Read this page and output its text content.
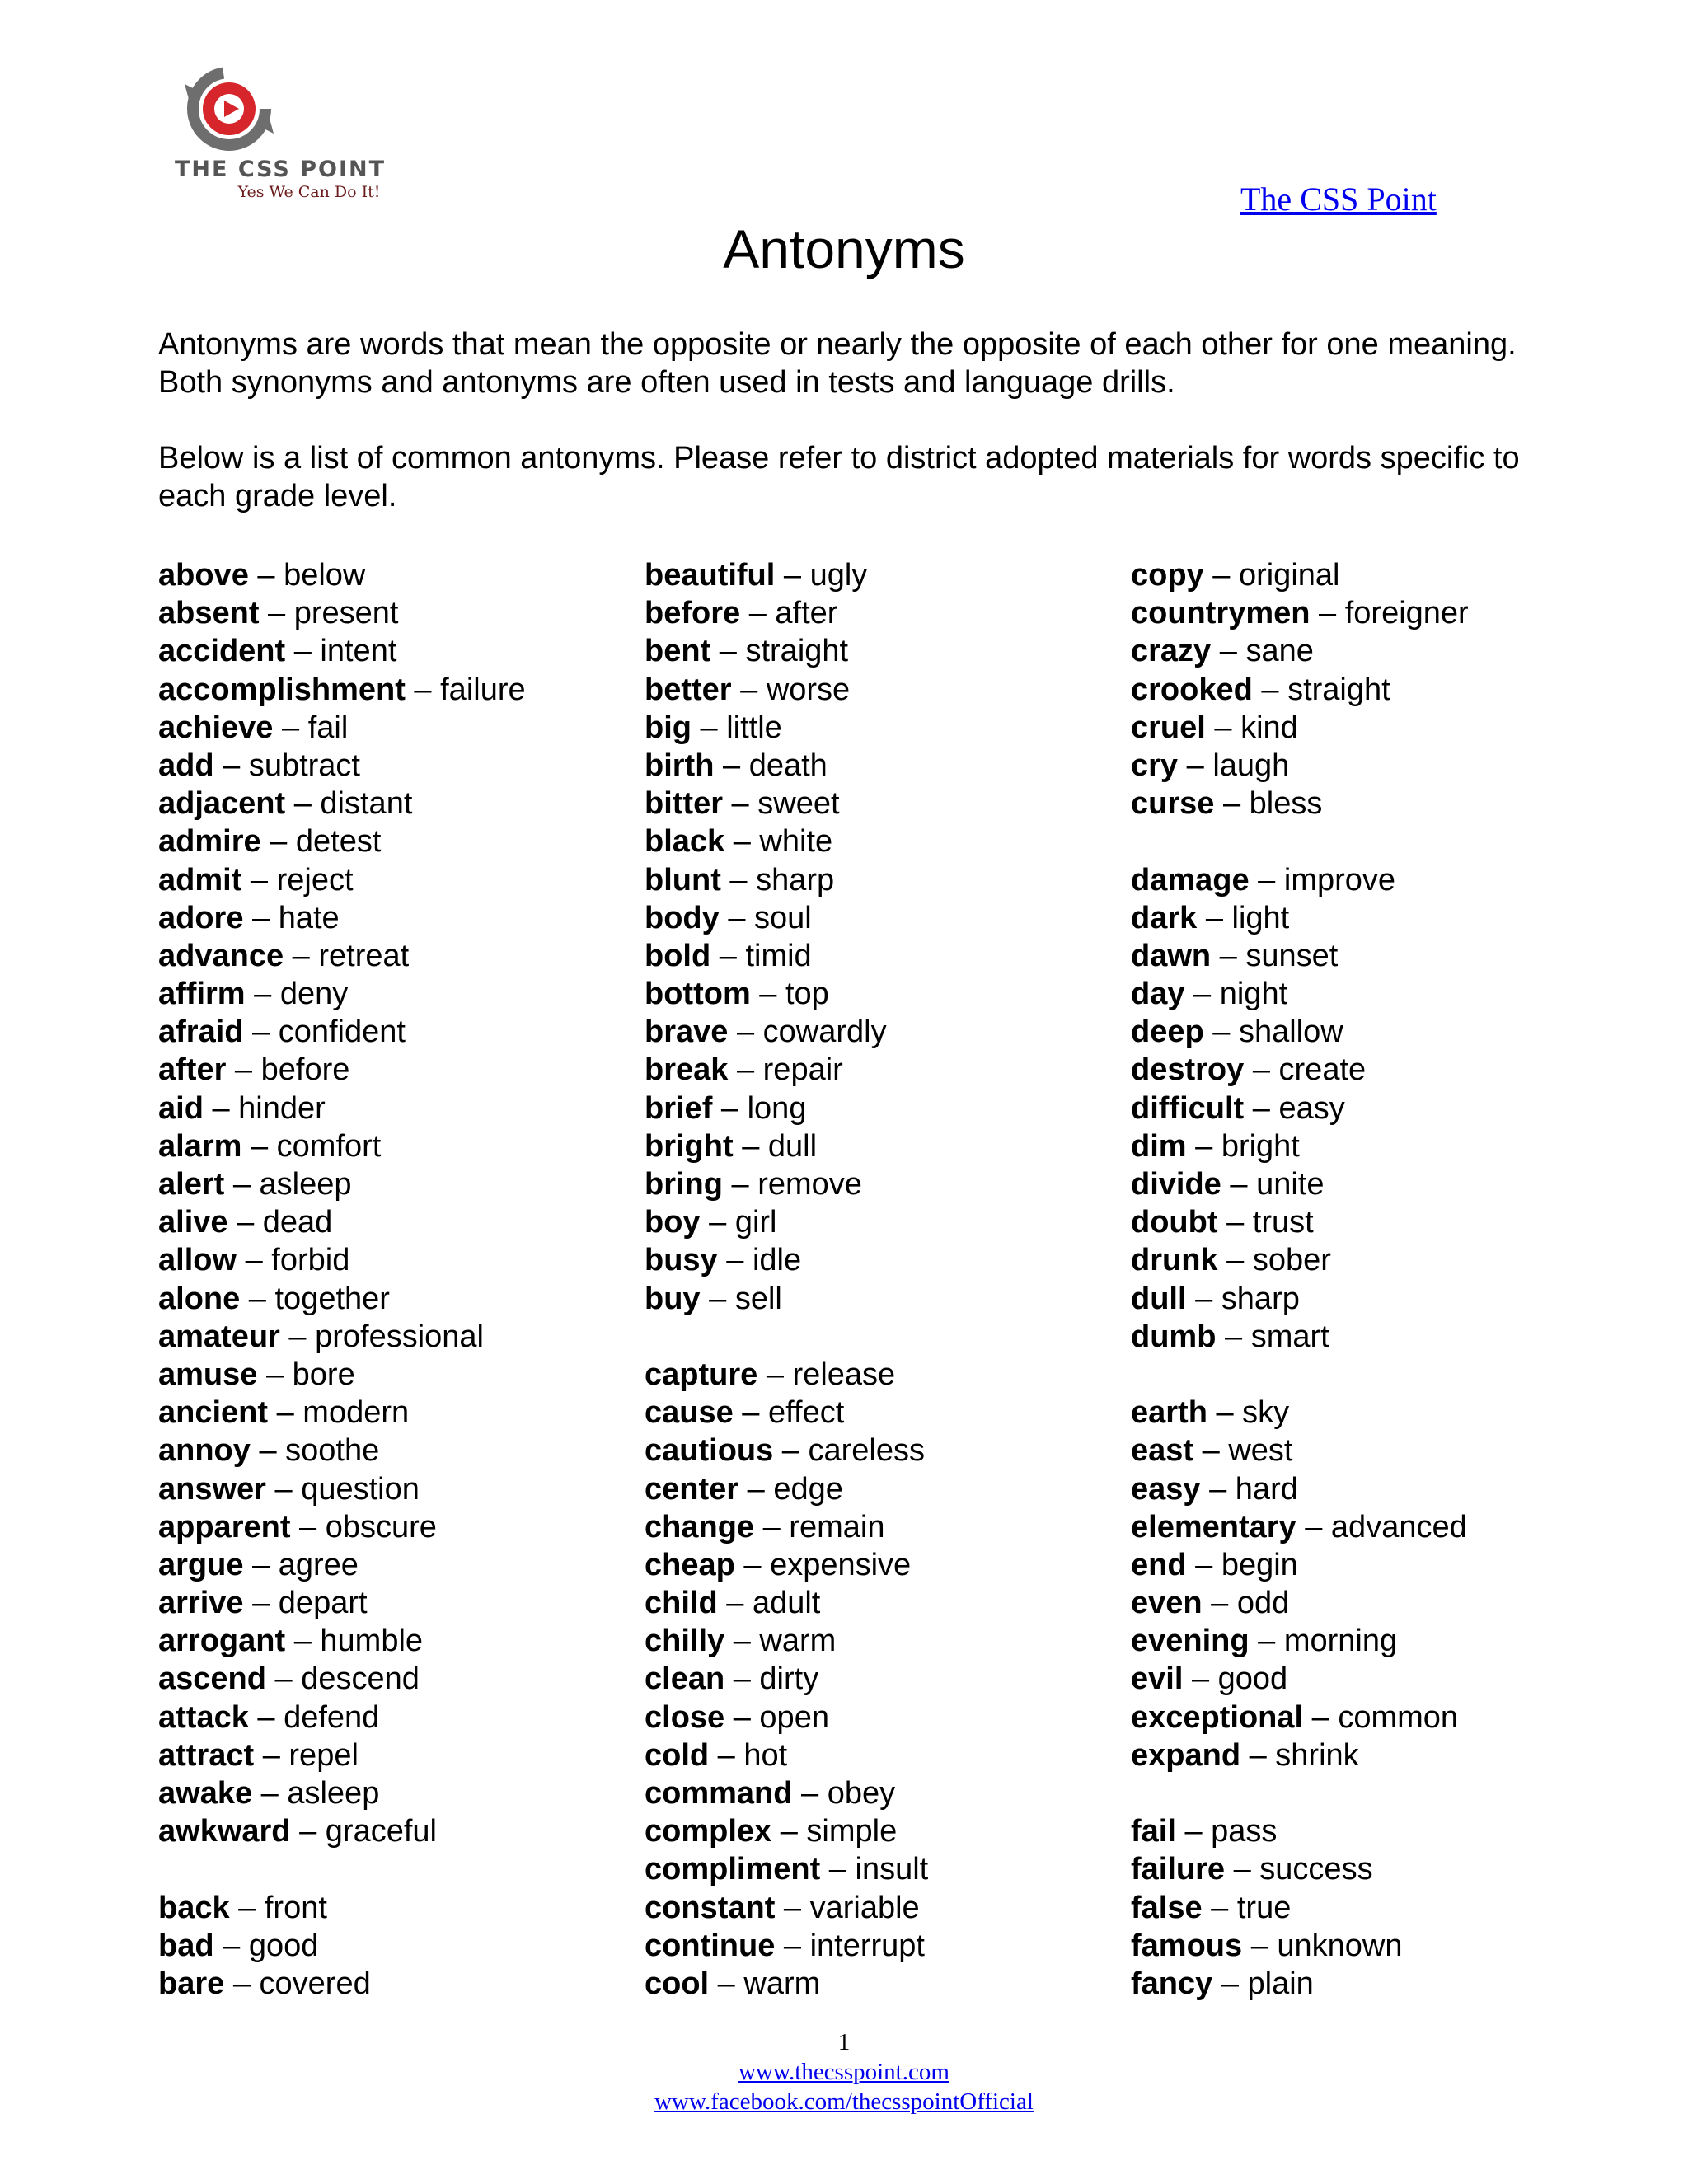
THE CSS POINT
Yes We Can Do It!	The CSS Point
Antonyms

Antonyms are words that mean the opposite or nearly the opposite of each other for one meaning. Both synonyms and antonyms are often used in tests and language drills.

Below is a list of common antonyms. Please refer to district adopted materials for words specific to each grade level.

above – below
absent – present
accident – intent
accomplishment – failure
achieve – fail
add – subtract
adjacent – distant
admire – detest
admit – reject
adore – hate
advance – retreat
affirm – deny
afraid – confident
after – before
aid – hinder
alarm – comfort
alert – asleep
alive – dead
allow – forbid
alone – together
amateur – professional
amuse – bore
ancient – modern
annoy – soothe
answer – question
apparent – obscure
argue – agree
arrive – depart
arrogant – humble
ascend – descend
attack – defend
attract – repel
awake – asleep
awkward – graceful
back – front
bad – good
bare – covered
beautiful – ugly
before – after
bent – straight
better – worse
big – little
birth – death
bitter – sweet
black – white
blunt – sharp
body – soul
bold – timid
bottom – top
brave – cowardly
break – repair
brief – long
bright – dull
bring – remove
boy – girl
busy – idle
buy – sell
capture – release
cause – effect
cautious – careless
center – edge
change – remain
cheap – expensive
child – adult
chilly – warm
clean – dirty
close – open
cold – hot
command – obey
complex – simple
compliment – insult
constant – variable
continue – interrupt
cool – warm
copy – original
countrymen – foreigner
crazy – sane
crooked – straight
cruel – kind
cry – laugh
curse – bless
damage – improve
dark – light
dawn – sunset
day – night
deep – shallow
destroy – create
difficult – easy
dim – bright
divide – unite
doubt – trust
drunk – sober
dull – sharp
dumb – smart
earth – sky
east – west
easy – hard
elementary – advanced
end – begin
even – odd
evening – morning
evil – good
exceptional – common
expand – shrink
fail – pass
failure – success
false – true
famous – unknown
fancy – plain
1
www.thecsspoint.com
www.facebook.com/thecsspointOfficial
